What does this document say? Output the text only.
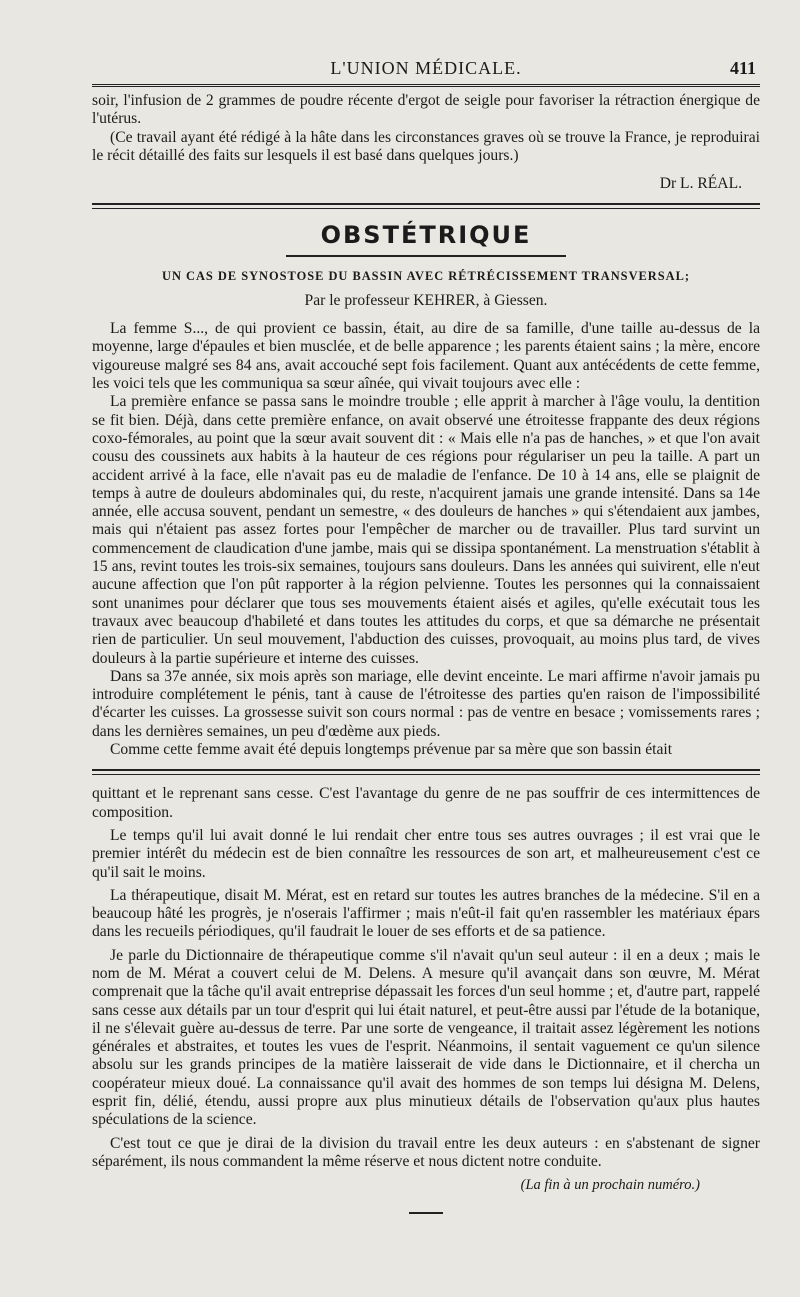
L'UNION MÉDICALE.	411

soir, l'infusion de 2 grammes de poudre récente d'ergot de seigle pour favoriser la rétraction énergique de l'utérus.

(Ce travail ayant été rédigé à la hâte dans les circonstances graves où se trouve la France, je reproduirai le récit détaillé des faits sur lesquels il est basé dans quelques jours.)

Dr L. RÉAL.
OBSTÉTRIQUE
UN CAS DE SYNOSTOSE DU BASSIN AVEC RÉTRÉCISSEMENT TRANSVERSAL;
Par le professeur KEHRER, à Giessen.

La femme S..., de qui provient ce bassin, était, au dire de sa famille, d'une taille au-dessus de la moyenne, large d'épaules et bien musclée, et de belle apparence ; les parents étaient sains ; la mère, encore vigoureuse malgré ses 84 ans, avait accouché sept fois facilement. Quant aux antécédents de cette femme, les voici tels que les communiqua sa sœur aînée, qui vivait toujours avec elle :

La première enfance se passa sans le moindre trouble ; elle apprit à marcher à l'âge voulu, la dentition se fit bien. Déjà, dans cette première enfance, on avait observé une étroitesse frappante des deux régions coxo-fémorales, au point que la sœur avait souvent dit : « Mais elle n'a pas de hanches, » et que l'on avait cousu des coussinets aux habits à la hauteur de ces régions pour régulariser un peu la taille. A part un accident arrivé à la face, elle n'avait pas eu de maladie de l'enfance. De 10 à 14 ans, elle se plaignit de temps à autre de douleurs abdominales qui, du reste, n'acquirent jamais une grande intensité. Dans sa 14e année, elle accusa souvent, pendant un semestre, « des douleurs de hanches » qui s'étendaient aux jambes, mais qui n'étaient pas assez fortes pour l'empêcher de marcher ou de travailler. Plus tard survint un commencement de claudication d'une jambe, mais qui se dissipa spontanément. La menstruation s'établit à 15 ans, revint toutes les trois-six semaines, toujours sans douleurs. Dans les années qui suivirent, elle n'eut aucune affection que l'on pût rapporter à la région pelvienne. Toutes les personnes qui la connaissaient sont unanimes pour déclarer que tous ses mouvements étaient aisés et agiles, qu'elle exécutait tous les travaux avec beaucoup d'habileté et dans toutes les attitudes du corps, et que sa démarche ne présentait rien de particulier. Un seul mouvement, l'abduction des cuisses, provoquait, au moins plus tard, de vives douleurs à la partie supérieure et interne des cuisses.

Dans sa 37e année, six mois après son mariage, elle devint enceinte. Le mari affirme n'avoir jamais pu introduire complétement le pénis, tant à cause de l'étroitesse des parties qu'en raison de l'impossibilité d'écarter les cuisses. La grossesse suivit son cours normal : pas de ventre en besace ; vomissements rares ; dans les dernières semaines, un peu d'œdème aux pieds.

Comme cette femme avait été depuis longtemps prévenue par sa mère que son bassin était

quittant et le reprenant sans cesse. C'est l'avantage du genre de ne pas souffrir de ces intermittences de composition.

Le temps qu'il lui avait donné le lui rendait cher entre tous ses autres ouvrages ; il est vrai que le premier intérêt du médecin est de bien connaître les ressources de son art, et malheureusement c'est ce qu'il sait le moins.

La thérapeutique, disait M. Mérat, est en retard sur toutes les autres branches de la médecine. S'il en a beaucoup hâté les progrès, je n'oserais l'affirmer ; mais n'eût-il fait qu'en rassembler les matériaux épars dans les recueils périodiques, qu'il faudrait le louer de ses efforts et de sa patience.

Je parle du Dictionnaire de thérapeutique comme s'il n'avait qu'un seul auteur : il en a deux ; mais le nom de M. Mérat a couvert celui de M. Delens. A mesure qu'il avançait dans son œuvre, M. Mérat comprenait que la tâche qu'il avait entreprise dépassait les forces d'un seul homme ; et, d'autre part, rappelé sans cesse aux détails par un tour d'esprit qui lui était naturel, et peut-être aussi par l'étude de la botanique, il ne s'élevait guère au-dessus de terre. Par une sorte de vengeance, il traitait assez légèrement les notions générales et abstraites, et toutes les vues de l'esprit. Néanmoins, il sentait vaguement ce qu'un silence absolu sur les grands principes de la matière laisserait de vide dans le Dictionnaire, et il chercha un coopérateur mieux doué. La connaissance qu'il avait des hommes de son temps lui désigna M. Delens, esprit fin, délié, étendu, aussi propre aux plus minutieux détails de l'observation qu'aux plus hautes spéculations de la science.

C'est tout ce que je dirai de la division du travail entre les deux auteurs : en s'abstenant de signer séparément, ils nous commandent la même réserve et nous dictent notre conduite.

(La fin à un prochain numéro.)
